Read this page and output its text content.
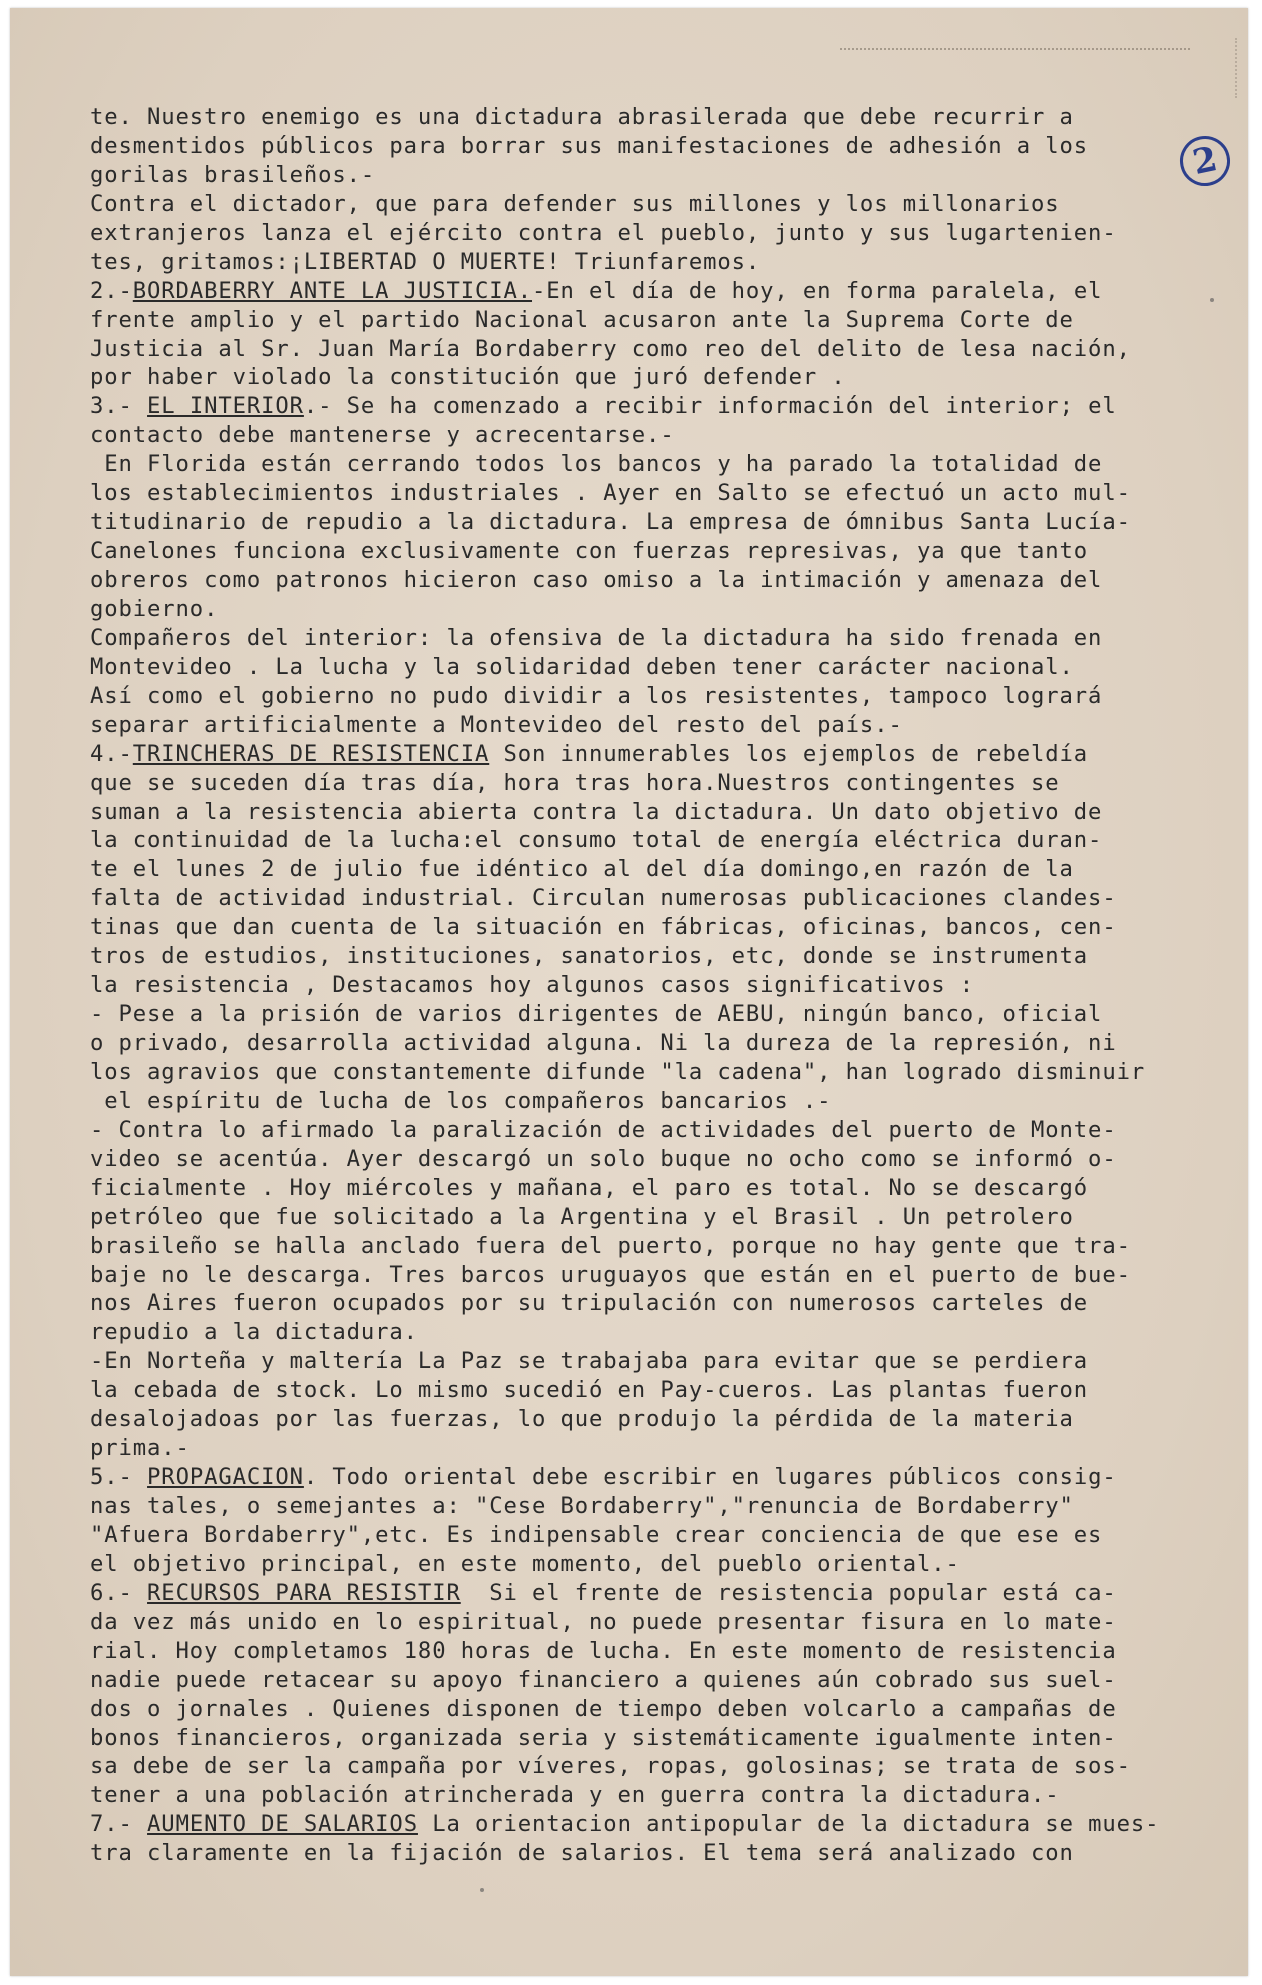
2
te. Nuestro enemigo es una dictadura abrasilerada que debe recurrir a
desmentidos públicos para borrar sus manifestaciones de adhesión a los
gorilas brasileños.-
Contra el dictador, que para defender sus millones y los millonarios
extranjeros lanza el ejército contra el pueblo, junto y sus lugartenien-
tes, gritamos:¡LIBERTAD O MUERTE! Triunfaremos.
2.-BORDABERRY ANTE LA JUSTICIA.-En el día de hoy, en forma paralela, el
frente amplio y el partido Nacional acusaron ante la Suprema Corte de
Justicia al Sr. Juan María Bordaberry como reo del delito de lesa nación,
por haber violado la constitución que juró defender .
3.- EL INTERIOR.- Se ha comenzado a recibir información del interior; el
contacto debe mantenerse y acrecentarse.-
En Florida están cerrando todos los bancos y ha parado la totalidad de
los establecimientos industriales . Ayer en Salto se efectuó un acto mul-
titudinario de repudio a la dictadura. La empresa de ómnibus Santa Lucía-
Canelones funciona exclusivamente con fuerzas represivas, ya que tanto
obreros como patronos hicieron caso omiso a la intimación y amenaza del
gobierno.
Compañeros del interior: la ofensiva de la dictadura ha sido frenada en
Montevideo . La lucha y la solidaridad deben tener carácter nacional.
Así como el gobierno no pudo dividir a los resistentes, tampoco logrará
separar artificialmente a Montevideo del resto del país.-
4.-TRINCHERAS DE RESISTENCIA Son innumerables los ejemplos de rebeldía
que se suceden día tras día, hora tras hora.Nuestros contingentes se
suman a la resistencia abierta contra la dictadura. Un dato objetivo de
la continuidad de la lucha:el consumo total de energía eléctrica duran-
te el lunes 2 de julio fue idéntico al del día domingo,en razón de la
falta de actividad industrial. Circulan numerosas publicaciones clandes-
tinas que dan cuenta de la situación en fábricas, oficinas, bancos, cen-
tros de estudios, instituciones, sanatorios, etc, donde se instrumenta
la resistencia , Destacamos hoy algunos casos significativos :
- Pese a la prisión de varios dirigentes de AEBU, ningún banco, oficial
o privado, desarrolla actividad alguna. Ni la dureza de la represión, ni
los agravios que constantemente difunde "la cadena", han logrado disminuir
el espíritu de lucha de los compañeros bancarios .-
- Contra lo afirmado la paralización de actividades del puerto de Monte-
video se acentúa. Ayer descargó un solo buque no ocho como se informó o-
ficialmente . Hoy miércoles y mañana, el paro es total. No se descargó
petróleo que fue solicitado a la Argentina y el Brasil . Un petrolero
brasileño se halla anclado fuera del puerto, porque no hay gente que tra-
baje no le descarga. Tres barcos uruguayos que están en el puerto de bue-
nos Aires fueron ocupados por su tripulación con numerosos carteles de
repudio a la dictadura.
-En Norteña y maltería La Paz se trabajaba para evitar que se perdiera
la cebada de stock. Lo mismo sucedió en Pay-cueros. Las plantas fueron
desalojadoas por las fuerzas, lo que produjo la pérdida de la materia
prima.-
5.- PROPAGACION. Todo oriental debe escribir en lugares públicos consig-
nas tales, o semejantes a: "Cese Bordaberry","renuncia de Bordaberry"
"Afuera Bordaberry",etc. Es indipensable crear conciencia de que ese es
el objetivo principal, en este momento, del pueblo oriental.-
6.- RECURSOS PARA RESISTIR  Si el frente de resistencia popular está ca-
da vez más unido en lo espiritual, no puede presentar fisura en lo mate-
rial. Hoy completamos 180 horas de lucha. En este momento de resistencia
nadie puede retacear su apoyo financiero a quienes aún cobrado sus suel-
dos o jornales . Quienes disponen de tiempo deben volcarlo a campañas de
bonos financieros, organizada seria y sistemáticamente igualmente inten-
sa debe de ser la campaña por víveres, ropas, golosinas; se trata de sos-
tener a una población atrincherada y en guerra contra la dictadura.-
7.- AUMENTO DE SALARIOS La orientacion antipopular de la dictadura se mues-
tra claramente en la fijación de salarios. El tema será analizado con
